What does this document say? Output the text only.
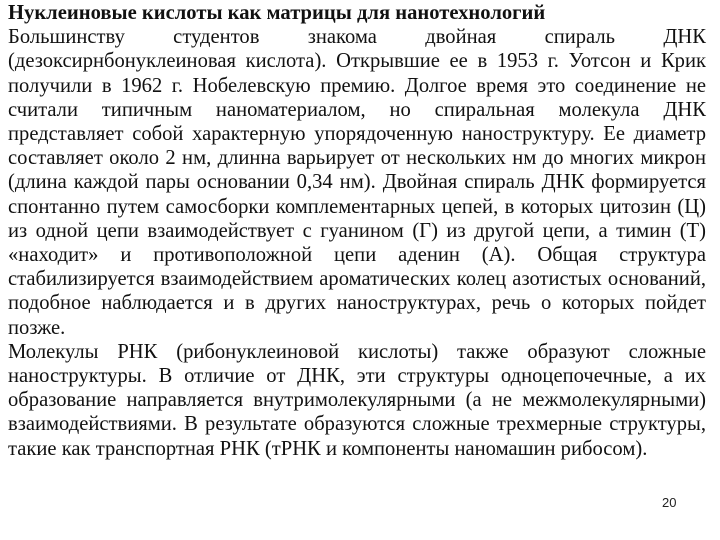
Нуклеиновые кислоты как матрицы для нанотехнологий

Большинству студентов знакома двойная спираль ДНК (дезоксирнбонуклеиновая кислота). Открывшие ее в 1953 г. Уотсон и Крик получили в 1962 г. Нобелевскую премию. Долгое время это соединение не считали типичным наноматериалом, но спиральная молекула ДНК представляет собой характерную упорядоченную наноструктуру. Ее диаметр составляет около 2 нм, длинна варьирует от нескольких нм до многих микрон (длина каждой пары основании 0,34 нм). Двойная спираль ДНК формируется спонтанно путем самосборки комплементарных цепей, в которых цитозин (Ц) из одной цепи взаимодействует с гуанином (Г) из другой цепи, а тимин (Т) «находит» и противоположной цепи аденин (А). Общая структура стабилизируется взаимодействием ароматических колец азотистых оснований, подобное наблюдается и в других наноструктурах, речь о которых пойдет позже.

Молекулы РНК (рибонуклеиновой кислоты) также образуют сложные наноструктуры. В отличие от ДНК, эти структуры одноцепочечные, а их образование направляется внутримолекулярными (а не межмолекулярными) взаимодействиями. В результате образуются сложные трехмерные структуры, такие как транспортная РНК (тРНК и компоненты наномашин рибосом).

20
